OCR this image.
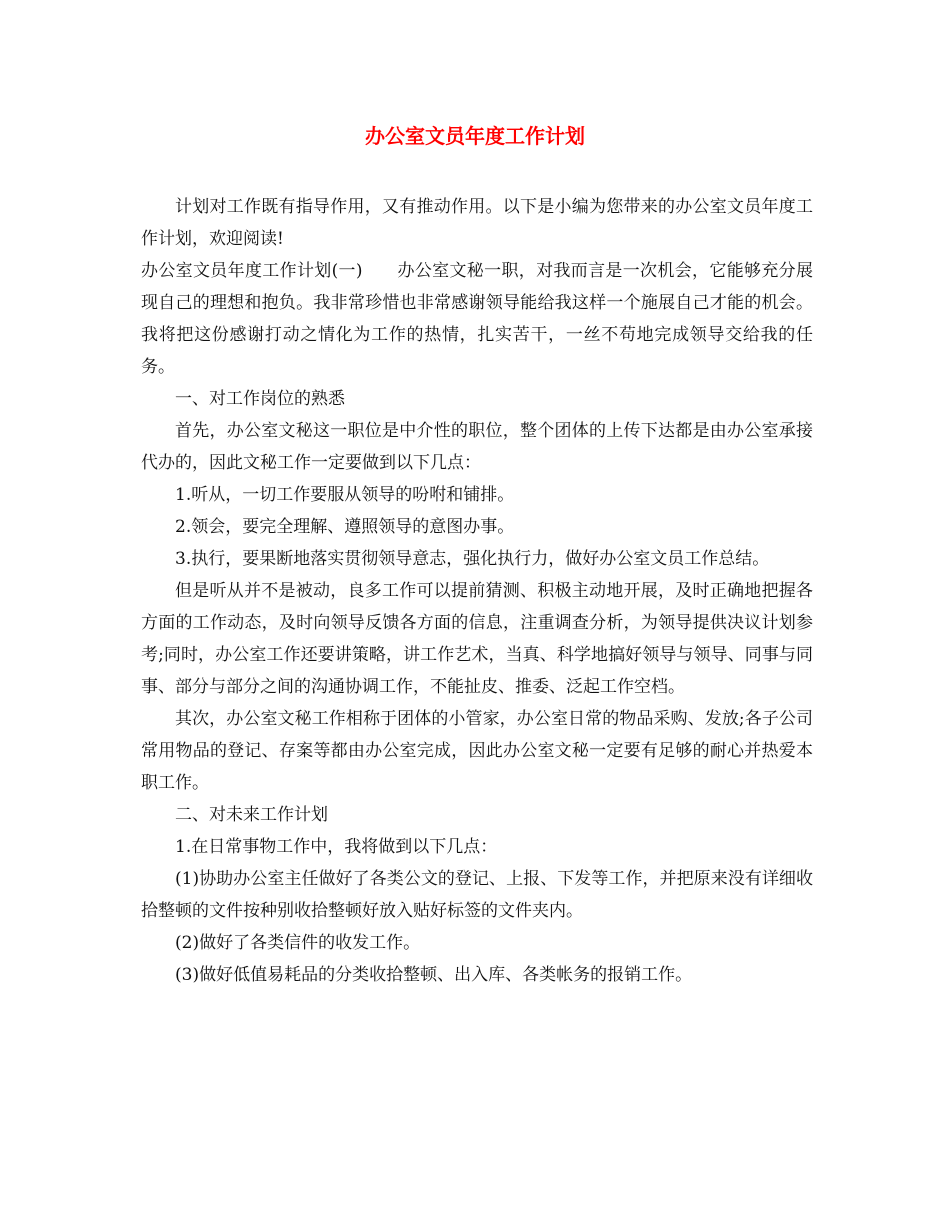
办公室文员年度工作计划

计划对工作既有指导作用，又有推动作用。以下是小编为您带来的办公室文员年度工作计划，欢迎阅读!

办公室文员年度工作计划(一)　　办公室文秘一职，对我而言是一次机会，它能够充分展现自己的理想和抱负。我非常珍惜也非常感谢领导能给我这样一个施展自己才能的机会。我将把这份感谢打动之情化为工作的热情，扎实苦干，一丝不苟地完成领导交给我的任务。

一、对工作岗位的熟悉

首先，办公室文秘这一职位是中介性的职位，整个团体的上传下达都是由办公室承接代办的，因此文秘工作一定要做到以下几点：

1.听从，一切工作要服从领导的吩咐和铺排。

2.领会，要完全理解、遵照领导的意图办事。

3.执行，要果断地落实贯彻领导意志，强化执行力，做好办公室文员工作总结。

但是听从并不是被动，良多工作可以提前猜测、积极主动地开展，及时正确地把握各方面的工作动态，及时向领导反馈各方面的信息，注重调查分析，为领导提供决议计划参考;同时，办公室工作还要讲策略，讲工作艺术，当真、科学地搞好领导与领导、同事与同事、部分与部分之间的沟通协调工作，不能扯皮、推委、泛起工作空档。

其次，办公室文秘工作相称于团体的小管家，办公室日常的物品采购、发放;各子公司常用物品的登记、存案等都由办公室完成，因此办公室文秘一定要有足够的耐心并热爱本职工作。

二、对未来工作计划

1.在日常事物工作中，我将做到以下几点：

(1)协助办公室主任做好了各类公文的登记、上报、下发等工作，并把原来没有详细收拾整顿的文件按种别收拾整顿好放入贴好标签的文件夹内。

(2)做好了各类信件的收发工作。

(3)做好低值易耗品的分类收拾整顿、出入库、各类帐务的报销工作。
